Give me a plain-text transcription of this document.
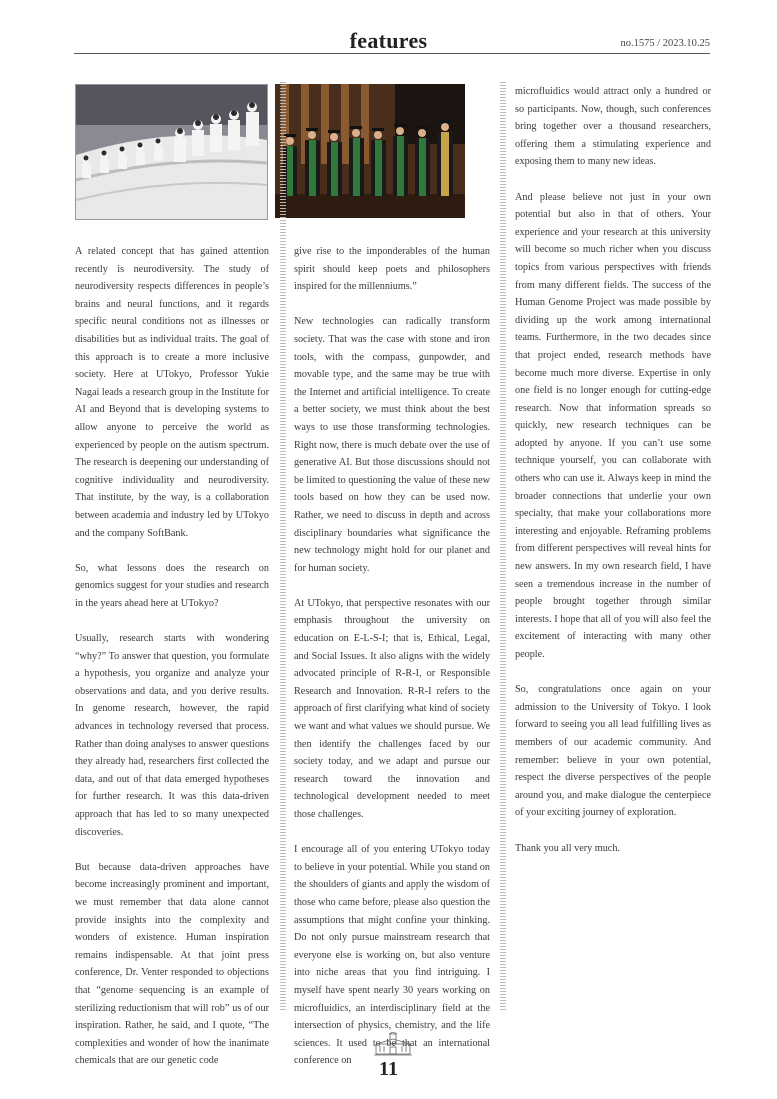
features	no.1575 / 2023.10.25

A related concept that has gained attention recently is neurodiversity. The study of neurodiversity respects differences in people’s brains and neural functions, and it regards specific neural conditions not as illnesses or disabilities but as individual traits. The goal of this approach is to create a more inclusive society. Here at UTokyo, Professor Yukie Nagai leads a research group in the Institute for AI and Beyond that is developing systems to allow anyone to perceive the world as experienced by people on the autism spectrum. The research is deepening our understanding of cognitive individuality and neurodiversity. That institute, by the way, is a collaboration between academia and industry led by UTokyo and the company SoftBank.

So, what lessons does the research on genomics suggest for your studies and research in the years ahead here at UTokyo?

Usually, research starts with wondering “why?” To answer that question, you formulate a hypothesis, you organize and analyze your observations and data, and you derive results. In genome research, however, the rapid advances in technology reversed that process. Rather than doing analyses to answer questions they already had, researchers first collected the data, and out of that data emerged hypotheses for further research. It was this data-driven approach that has led to so many unexpected discoveries.

But because data-driven approaches have become increasingly prominent and important, we must remember that data alone cannot provide insights into the complexity and wonders of existence. Human inspiration remains indispensable. At that joint press conference, Dr. Venter responded to objections that “genome sequencing is an example of sterilizing reductionism that will rob” us of our inspiration. Rather, he said, and I quote, “The complexities and wonder of how the inanimate chemicals that are our genetic code

give rise to the imponderables of the human spirit should keep poets and philosophers inspired for the millenniums.”

New technologies can radically transform society. That was the case with stone and iron tools, with the compass, gunpowder, and movable type, and the same may be true with the Internet and artificial intelligence. To create a better society, we must think about the best ways to use those transforming technologies. Right now, there is much debate over the use of generative AI. But those discussions should not be limited to questioning the value of these new tools based on how they can be used now. Rather, we need to discuss in depth and across disciplinary boundaries what significance the new technology might hold for our planet and for human society.

At UTokyo, that perspective resonates with our emphasis throughout the university on education on E-L-S-I; that is, Ethical, Legal, and Social Issues. It also aligns with the widely advocated principle of R-R-I, or Responsible Research and Innovation. R-R-I refers to the approach of first clarifying what kind of society we want and what values we should pursue. We then identify the challenges faced by our society today, and we adapt and pursue our research toward the innovation and technological development needed to meet those challenges.

I encourage all of you entering UTokyo today to believe in your potential. While you stand on the shoulders of giants and apply the wisdom of those who came before, please also question the assumptions that might confine your thinking. Do not only pursue mainstream research that everyone else is working on, but also venture into niche areas that you find intriguing. I myself have spent nearly 30 years working on microfluidics, an interdisciplinary field at the intersection of physics, chemistry, and the life sciences. It used to be that an international conference on

microfluidics would attract only a hundred or so participants. Now, though, such conferences bring together over a thousand researchers, offering them a stimulating experience and exposing them to many new ideas.

And please believe not just in your own potential but also in that of others. Your experience and your research at this university will become so much richer when you discuss topics from various perspectives with friends from many different fields. The success of the Human Genome Project was made possible by dividing up the work among international teams. Furthermore, in the two decades since that project ended, research methods have become much more diverse. Expertise in only one field is no longer enough for cutting-edge research. Now that information spreads so quickly, new research techniques can be adopted by anyone. If you can’t use some technique yourself, you can collaborate with others who can use it. Always keep in mind the broader connections that underlie your own specialty, that make your collaborations more interesting and enjoyable. Reframing problems from different perspectives will reveal hints for new answers. In my own research field, I have seen a tremendous increase in the number of people brought together through similar interests. I hope that all of you will also feel the excitement of interacting with many other people.

So, congratulations once again on your admission to the University of Tokyo. I look forward to seeing you all lead fulfilling lives as members of our academic community. And remember: believe in your own potential, respect the diverse perspectives of the people around you, and make dialogue the centerpiece of your exciting journey of exploration.

Thank you all very much.

11
